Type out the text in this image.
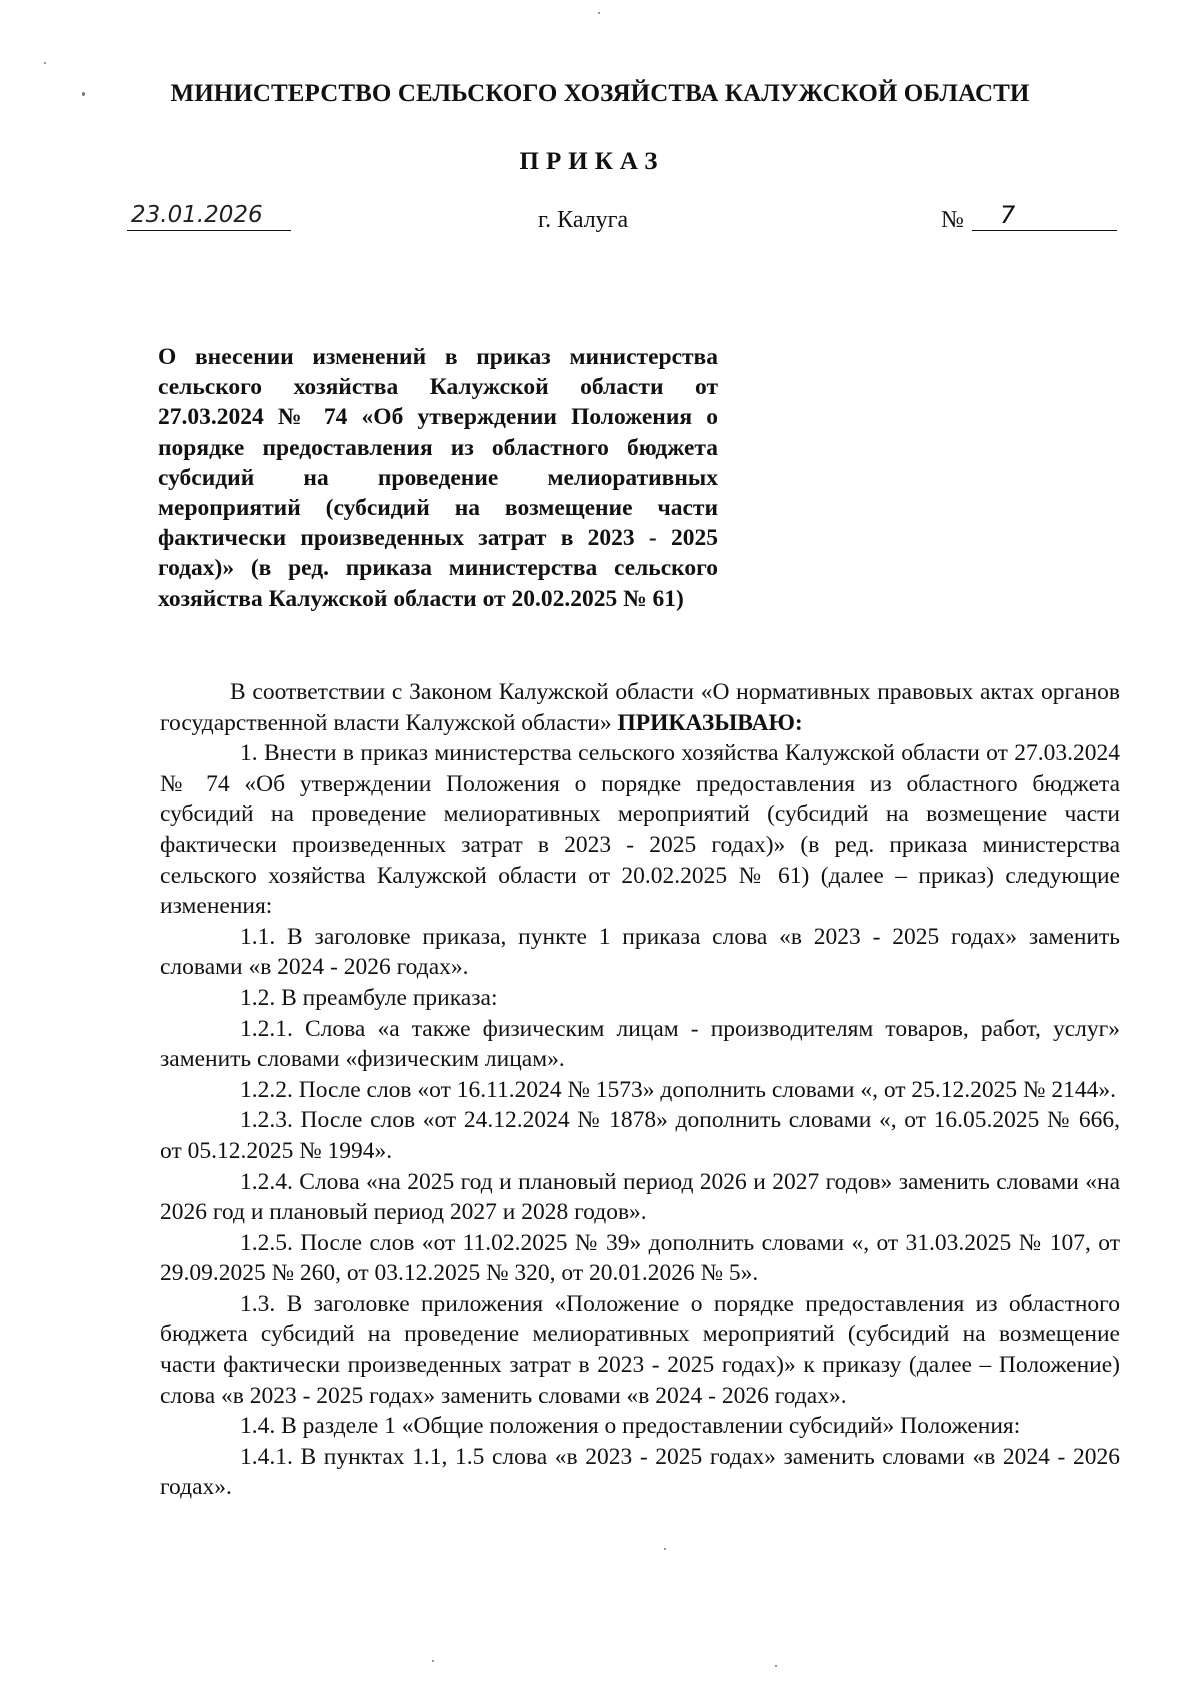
МИНИСТЕРСТВО СЕЛЬСКОГО ХОЗЯЙСТВА КАЛУЖСКОЙ ОБЛАСТИ
ПРИКАЗ
23.01.2026	г. Калуга	№	7

О внесении изменений в приказ министерства сельского хозяйства Калужской области от 27.03.2024 № 74 «Об утверждении Положения о порядке предоставления из областного бюджета субсидий на проведение мелиоративных мероприятий (субсидий на возмещение части фактически произведенных затрат в 2023 - 2025 годах)» (в ред. приказа министерства сельского хозяйства Калужской области от 20.02.2025 № 61)

В соответствии с Законом Калужской области «О нормативных правовых актах органов государственной власти Калужской области» ПРИКАЗЫВАЮ:

1. Внести в приказ министерства сельского хозяйства Калужской области от 27.03.2024 № 74 «Об утверждении Положения о порядке предоставления из областного бюджета субсидий на проведение мелиоративных мероприятий (субсидий на возмещение части фактически произведенных затрат в 2023 - 2025 годах)» (в ред. приказа министерства сельского хозяйства Калужской области от 20.02.2025 № 61) (далее – приказ) следующие изменения:

1.1. В заголовке приказа, пункте 1 приказа слова «в 2023 - 2025 годах» заменить словами «в 2024 - 2026 годах».

1.2. В преамбуле приказа:

1.2.1. Слова «а также физическим лицам - производителям товаров, работ, услуг» заменить словами «физическим лицам».

1.2.2. После слов «от 16.11.2024 № 1573» дополнить словами «, от 25.12.2025 № 2144».

1.2.3. После слов «от 24.12.2024 № 1878» дополнить словами «, от 16.05.2025 № 666, от 05.12.2025 № 1994».

1.2.4. Слова «на 2025 год и плановый период 2026 и 2027 годов» заменить словами «на 2026 год и плановый период 2027 и 2028 годов».

1.2.5. После слов «от 11.02.2025 № 39» дополнить словами «, от 31.03.2025 № 107, от 29.09.2025 № 260, от 03.12.2025 № 320, от 20.01.2026 № 5».

1.3. В заголовке приложения «Положение о порядке предоставления из областного бюджета субсидий на проведение мелиоративных мероприятий (субсидий на возмещение части фактически произведенных затрат в 2023 - 2025 годах)» к приказу (далее – Положение) слова «в 2023 - 2025 годах» заменить словами «в 2024 - 2026 годах».

1.4. В разделе 1 «Общие положения о предоставлении субсидий» Положения:

1.4.1. В пунктах 1.1, 1.5 слова «в 2023 - 2025 годах» заменить словами «в 2024 - 2026 годах».
